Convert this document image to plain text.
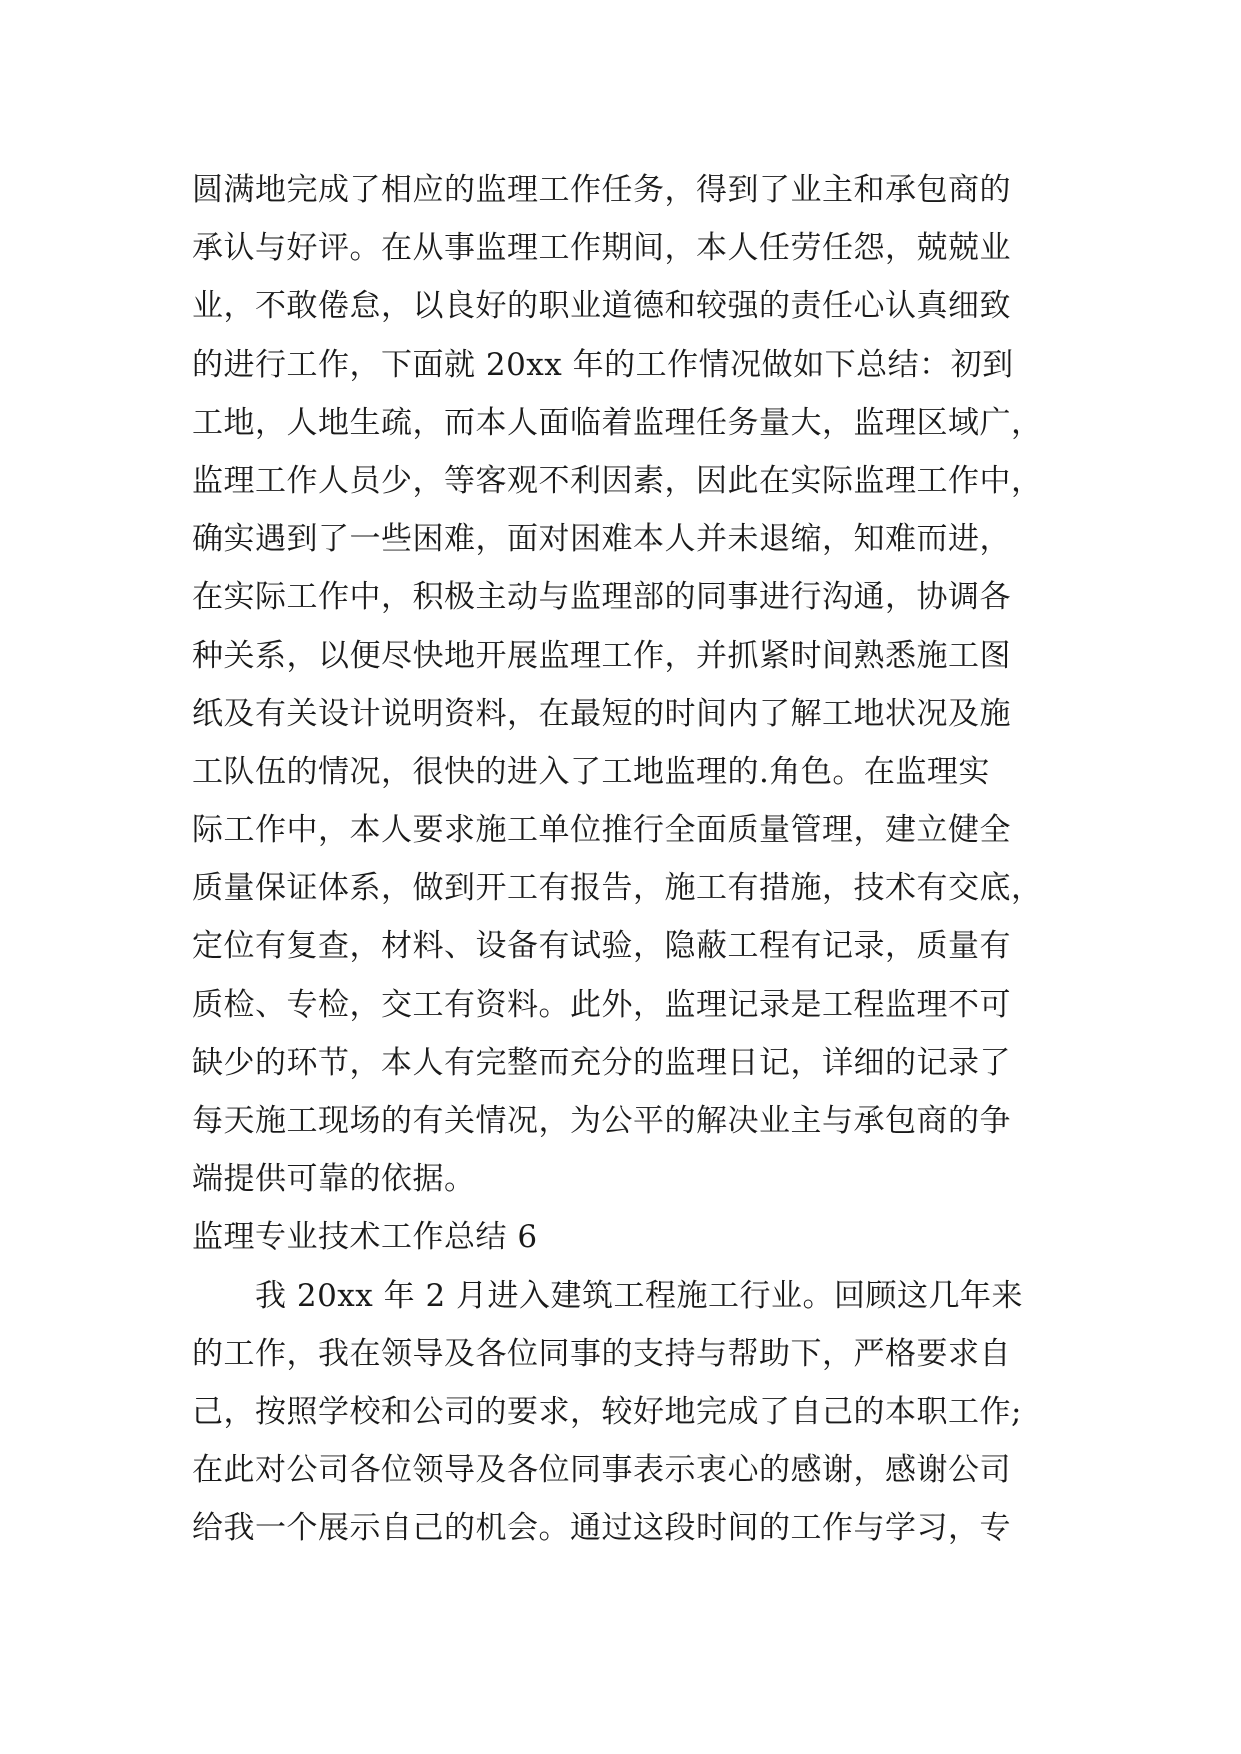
圆满地完成了相应的监理工作任务，得到了业主和承包商的
承认与好评。在从事监理工作期间，本人任劳任怨，兢兢业
业，不敢倦怠，以良好的职业道德和较强的责任心认真细致
的进行工作，下面就 20xx 年的工作情况做如下总结：初到
工地，人地生疏，而本人面临着监理任务量大，监理区域广，
监理工作人员少，等客观不利因素，因此在实际监理工作中，
确实遇到了一些困难，面对困难本人并未退缩，知难而进，
在实际工作中，积极主动与监理部的同事进行沟通，协调各
种关系，以便尽快地开展监理工作，并抓紧时间熟悉施工图
纸及有关设计说明资料，在最短的时间内了解工地状况及施
工队伍的情况，很快的进入了工地监理的.角色。在监理实
际工作中，本人要求施工单位推行全面质量管理，建立健全
质量保证体系，做到开工有报告，施工有措施，技术有交底，
定位有复查，材料、设备有试验，隐蔽工程有记录，质量有
质检、专检，交工有资料。此外，监理记录是工程监理不可
缺少的环节，本人有完整而充分的监理日记，详细的记录了
每天施工现场的有关情况，为公平的解决业主与承包商的争
端提供可靠的依据。
监理专业技术工作总结 6
　　我 20xx 年 2 月进入建筑工程施工行业。回顾这几年来
的工作，我在领导及各位同事的支持与帮助下，严格要求自
己，按照学校和公司的要求，较好地完成了自己的本职工作;
在此对公司各位领导及各位同事表示衷心的感谢，感谢公司
给我一个展示自己的机会。通过这段时间的工作与学习，专
